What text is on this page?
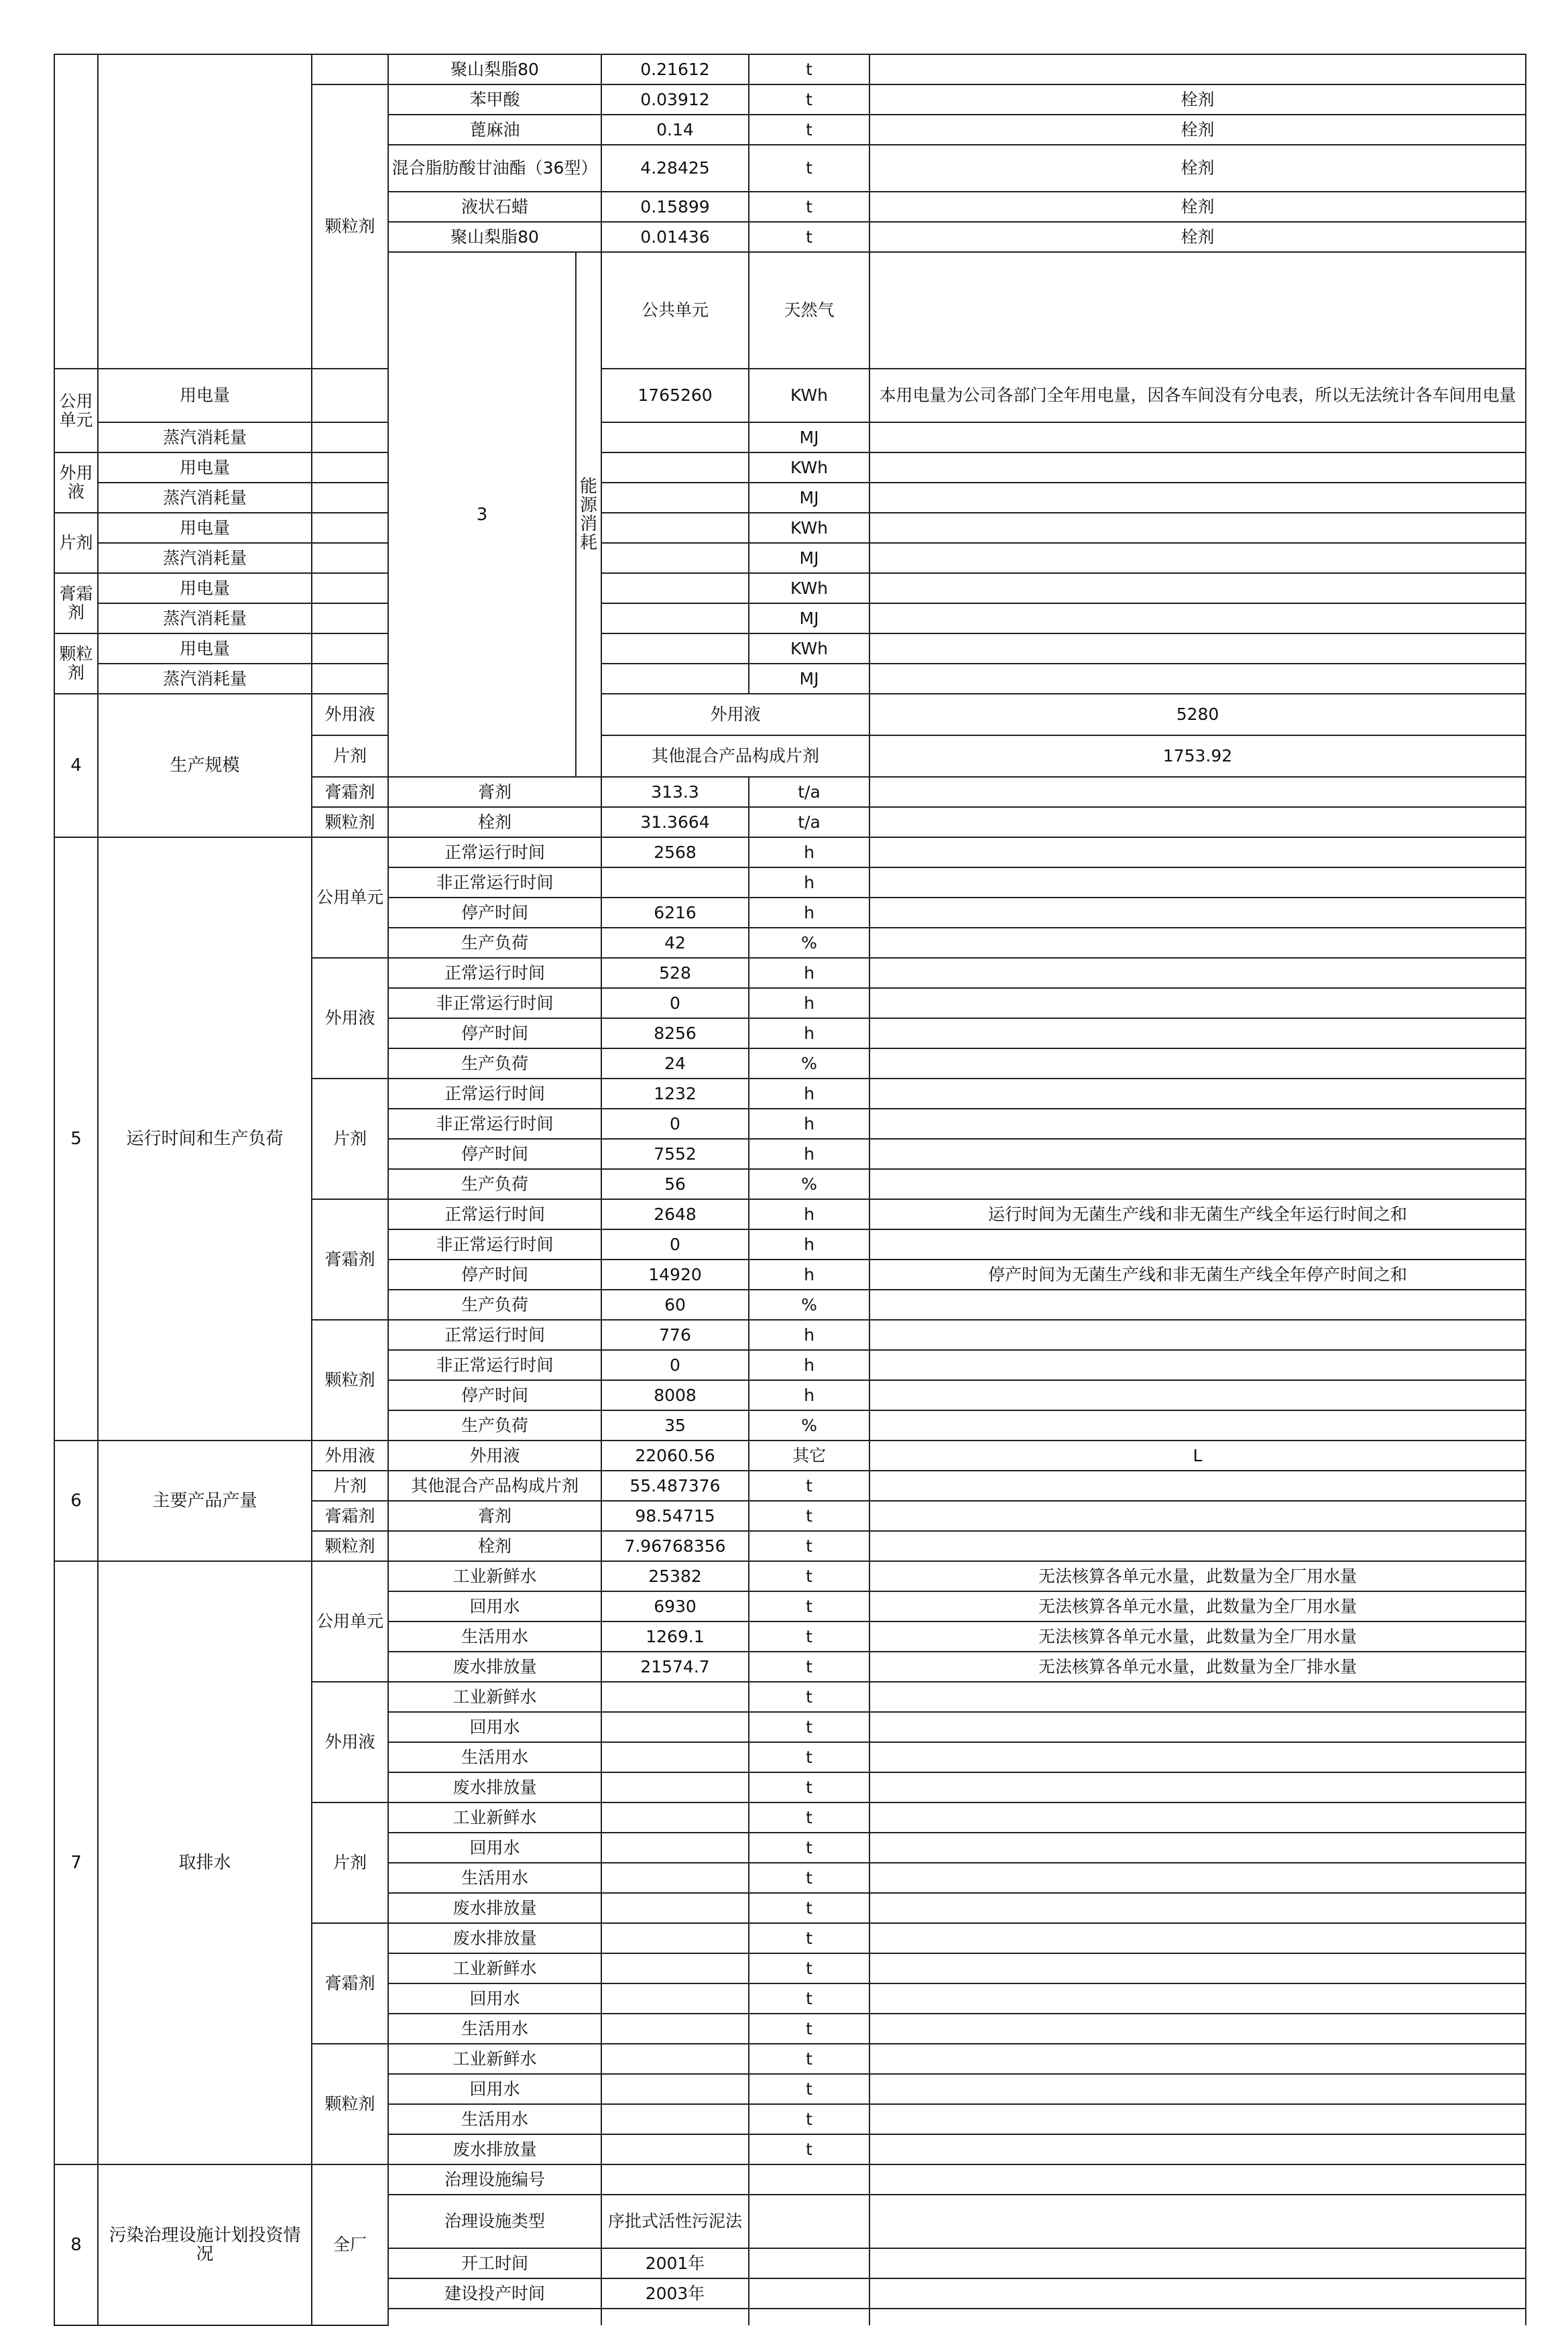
			聚山梨脂80		0.21612	t		
		颗粒剂	苯甲酸		0.03912	t	栓剂	
			蓖麻油		0.14	t	栓剂	
			混合脂肪酸甘油酯（36型）		4.28425	t	栓剂	
			液状石蜡		0.15899	t	栓剂	
			聚山梨脂80		0.01436	t	栓剂	
			3	能源消耗	公共单元	天然气				
公用单元	用电量				1765260	KWh	本用电量为公司各部门全年用电量，因各车间没有分电表，所以无法统计各车间用电量	
	蒸汽消耗量					MJ		
外用液	用电量					KWh		
	蒸汽消耗量					MJ		
片剂	用电量					KWh		
	蒸汽消耗量					MJ		
膏霜剂	用电量					KWh		
	蒸汽消耗量					MJ		
颗粒剂	用电量					KWh		
	蒸汽消耗量					MJ		
4	生产规模	外用液			外用液		5280		
		片剂			其他混合产品构成片剂		1753.92		
		膏霜剂	膏剂		313.3	t/a		
		颗粒剂	栓剂		31.3664	t/a		
5	运行时间和生产负荷	公用单元	正常运行时间		2568	h		
			非正常运行时间			h		
			停产时间		6216	h		
			生产负荷		42	%		
		外用液	正常运行时间		528	h		
			非正常运行时间		0	h		
			停产时间		8256	h		
			生产负荷		24	%		
		片剂	正常运行时间		1232	h		
			非正常运行时间		0	h		
			停产时间		7552	h		
			生产负荷		56	%		
		膏霜剂	正常运行时间		2648	h	运行时间为无菌生产线和非无菌生产线全年运行时间之和	
			非正常运行时间		0	h		
			停产时间		14920	h	停产时间为无菌生产线和非无菌生产线全年停产时间之和	
			生产负荷		60	%		
		颗粒剂	正常运行时间		776	h		
			非正常运行时间		0	h		
			停产时间		8008	h		
			生产负荷		35	%		
6	主要产品产量	外用液	外用液		22060.56	其它	L	
		片剂	其他混合产品构成片剂		55.487376	t		
		膏霜剂	膏剂		98.54715	t		
		颗粒剂	栓剂		7.96768356	t		
7	取排水	公用单元	工业新鲜水		25382	t	无法核算各单元水量，此数量为全厂用水量	
			回用水		6930	t	无法核算各单元水量，此数量为全厂用水量	
			生活用水		1269.1	t	无法核算各单元水量，此数量为全厂用水量	
			废水排放量		21574.7	t	无法核算各单元水量，此数量为全厂排水量	
		外用液	工业新鲜水			t		
			回用水			t		
			生活用水			t		
			废水排放量			t		
		片剂	工业新鲜水			t		
			回用水			t		
			生活用水			t		
			废水排放量			t		
		膏霜剂	废水排放量			t		
			工业新鲜水			t		
			回用水			t		
			生活用水			t		
		颗粒剂	工业新鲜水			t		
			回用水			t		
			生活用水			t		
			废水排放量			t		
8	污染治理设施计划投资情况	全厂	治理设施编号					
			治理设施类型		序批式活性污泥法			
			开工时间		2001年			
			建设投产时间		2003年			
